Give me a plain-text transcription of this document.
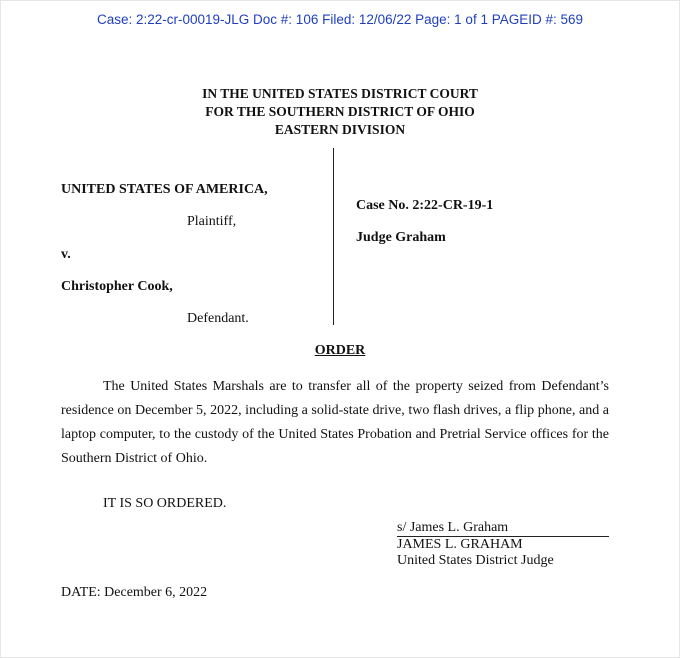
Case: 2:22-cr-00019-JLG Doc #: 106 Filed: 12/06/22 Page: 1 of 1 PAGEID #: 569
IN THE UNITED STATES DISTRICT COURT
FOR THE SOUTHERN DISTRICT OF OHIO
EASTERN DIVISION
UNITED STATES OF AMERICA,
Plaintiff,
v.
Christopher Cook,
Defendant.
Case No. 2:22-CR-19-1
Judge Graham
ORDER

The United States Marshals are to transfer all of the property seized from Defendant’s residence on December 5, 2022, including a solid-state drive, two flash drives, a flip phone, and a laptop computer, to the custody of the United States Probation and Pretrial Service offices for the Southern District of Ohio.

IT IS SO ORDERED.
s/ James L. Graham
JAMES L. GRAHAM
United States District Judge
DATE: December 6, 2022
